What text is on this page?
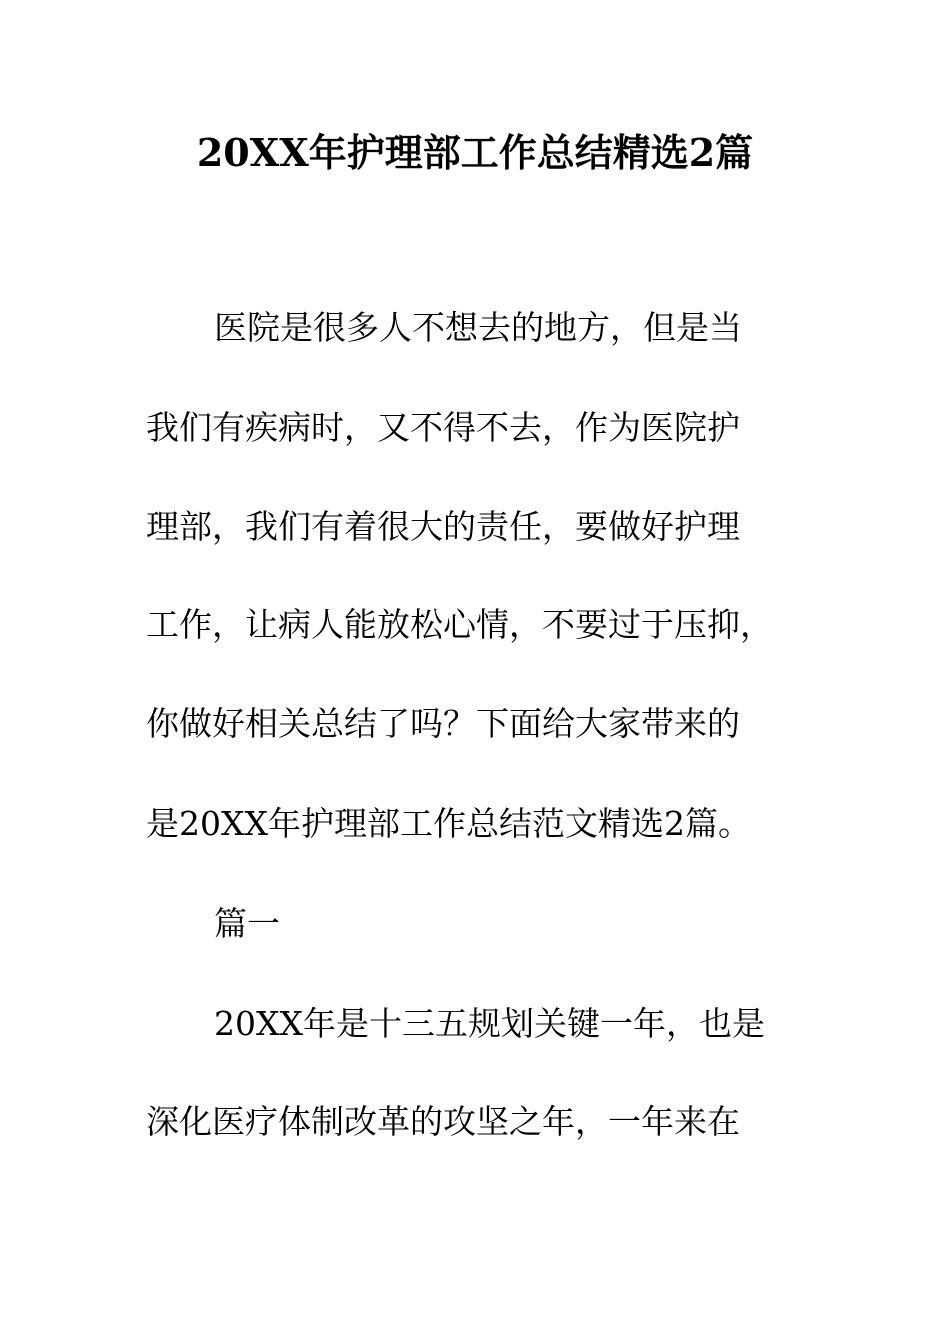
20XX年护理部工作总结精选2篇

医院是很多人不想去的地方，但是当

我们有疾病时，又不得不去，作为医院护

理部，我们有着很大的责任，要做好护理

工作，让病人能放松心情，不要过于压抑，

你做好相关总结了吗？下面给大家带来的

是20XX年护理部工作总结范文精选2篇。

篇一

20XX年是十三五规划关键一年，也是

深化医疗体制改革的攻坚之年，一年来在
